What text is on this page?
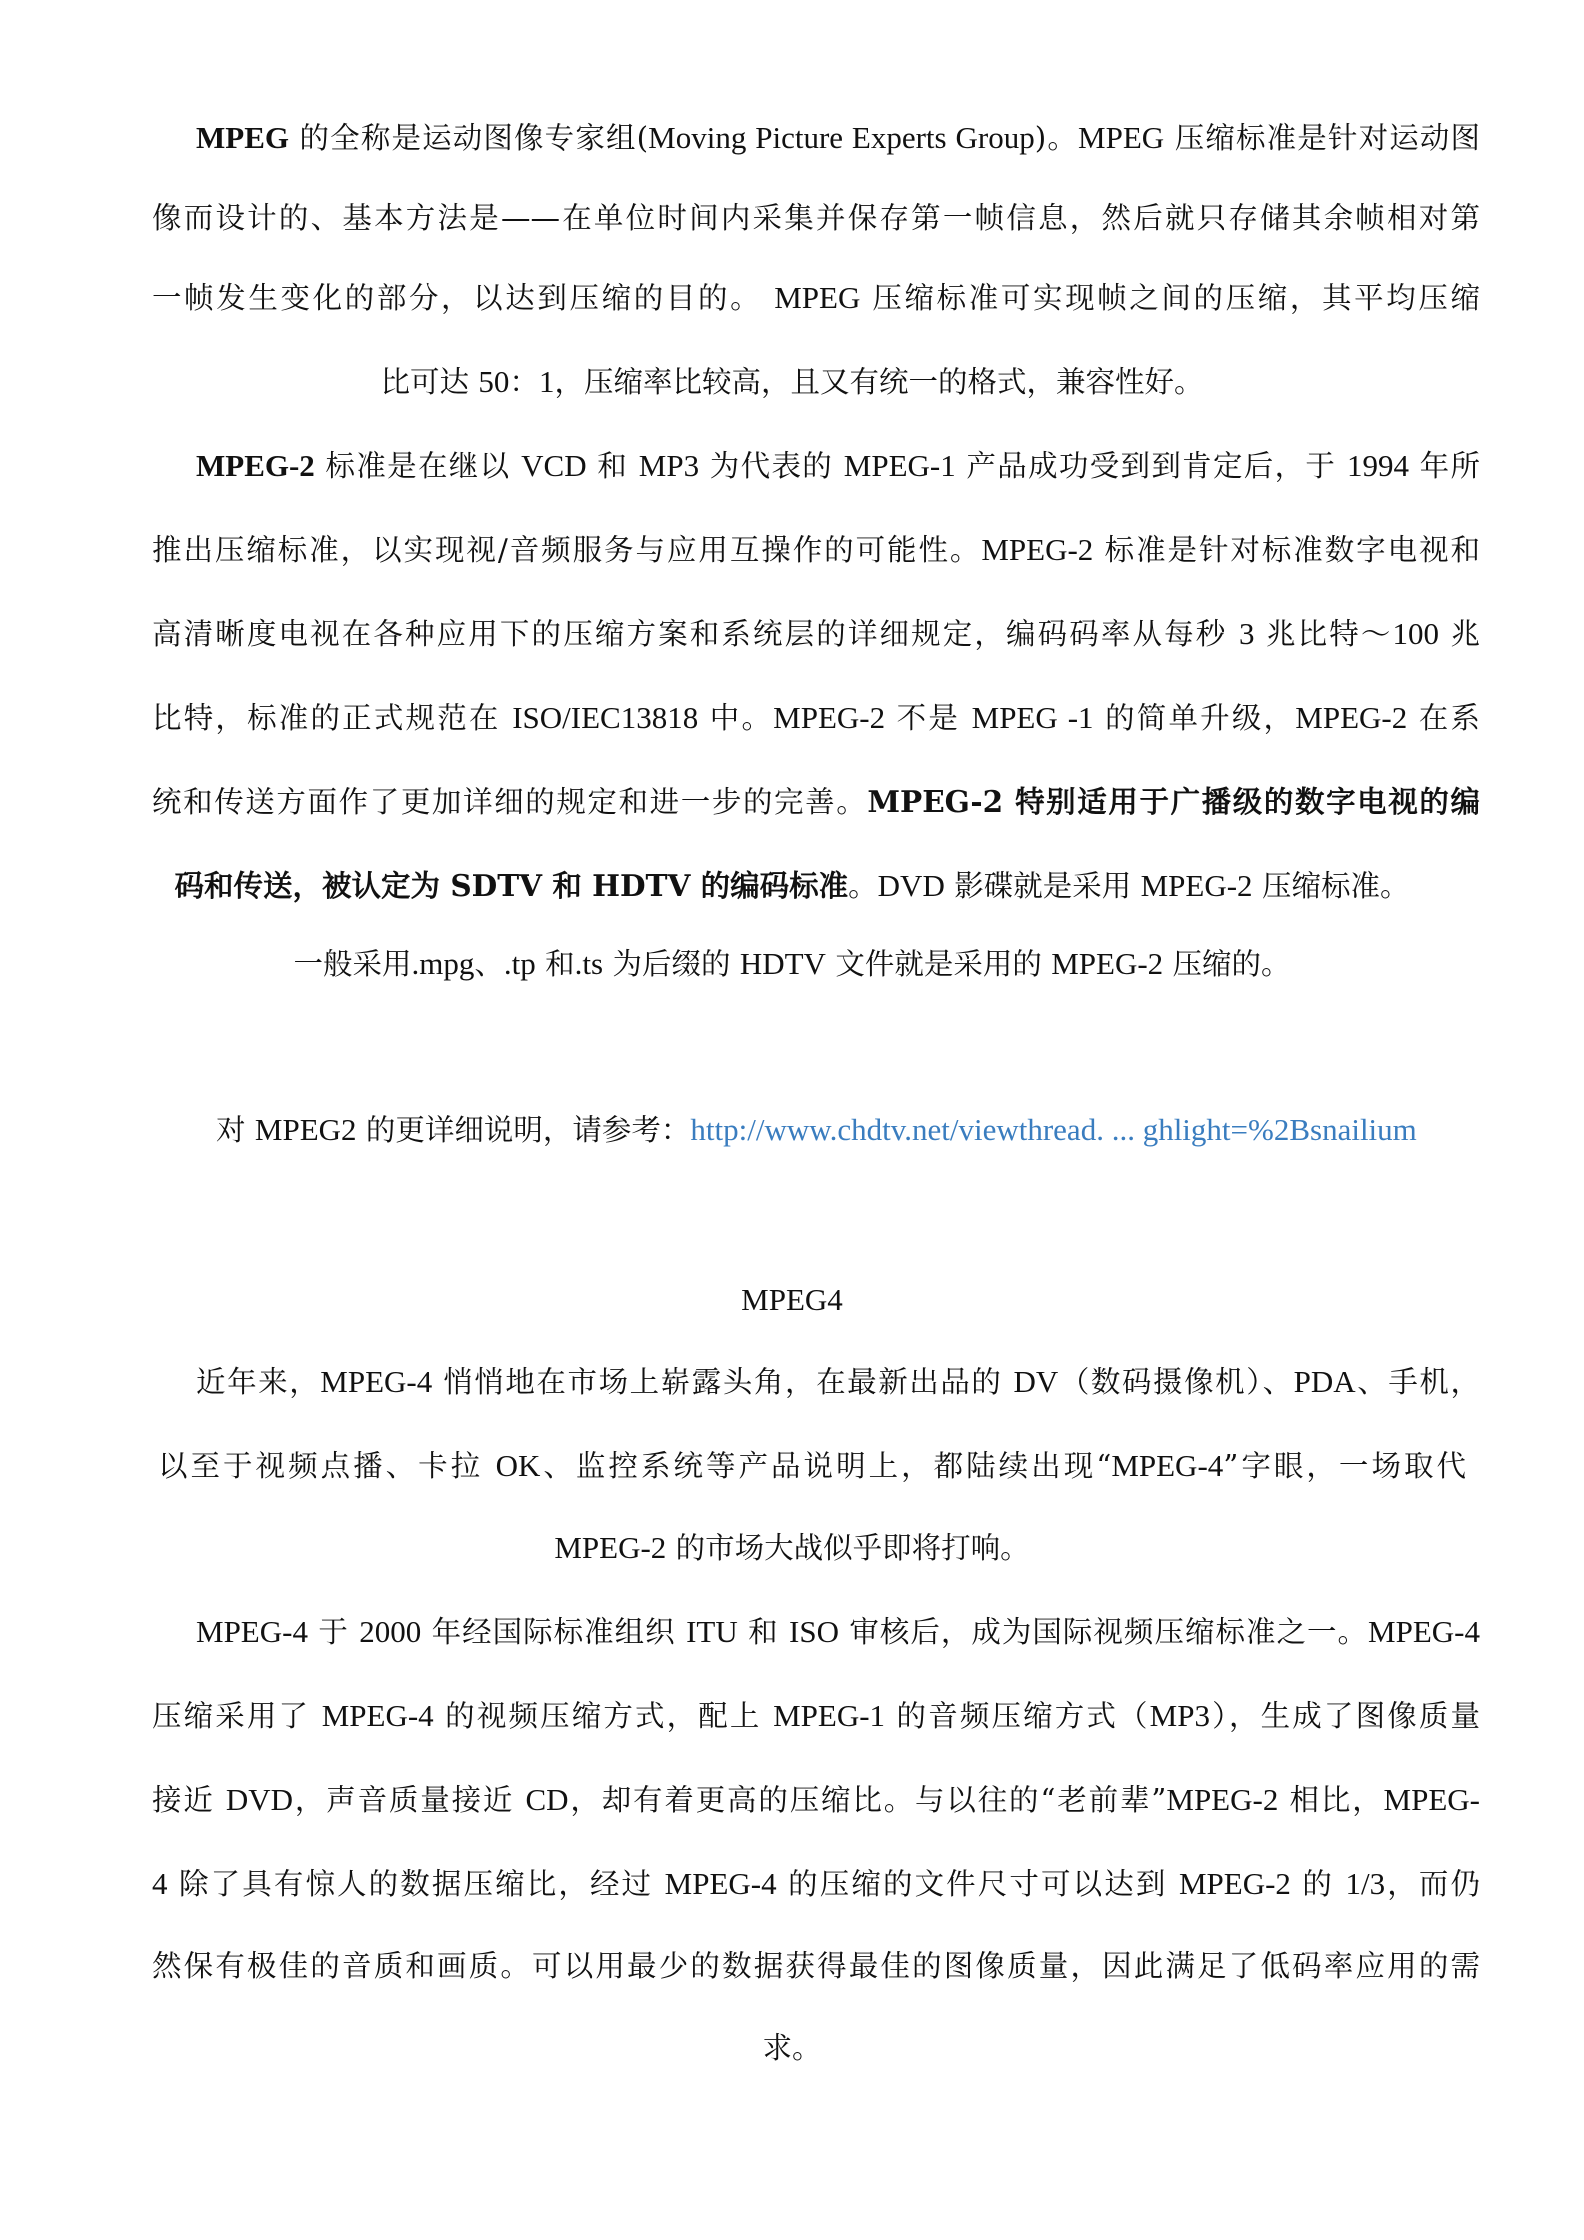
MPEG 的全称是运动图像专家组(Moving Picture Experts Group)。MPEG 压缩标准是针对运动图
像而设计的、基本方法是——在单位时间内采集并保存第一帧信息，然后就只存储其余帧相对第
一帧发生变化的部分，以达到压缩的目的。 MPEG 压缩标准可实现帧之间的压缩，其平均压缩
比可达 50：1，压缩率比较高，且又有统一的格式，兼容性好。
MPEG-2 标准是在继以 VCD 和 MP3 为代表的 MPEG-1 产品成功受到到肯定后，于 1994 年所
推出压缩标准，以实现视/音频服务与应用互操作的可能性。MPEG-2 标准是针对标准数字电视和
高清晰度电视在各种应用下的压缩方案和系统层的详细规定，编码码率从每秒 3 兆比特～100 兆
比特，标准的正式规范在 ISO/IEC13818 中。MPEG-2 不是 MPEG -1 的简单升级，MPEG-2 在系
统和传送方面作了更加详细的规定和进一步的完善。MPEG-2 特别适用于广播级的数字电视的编
码和传送，被认定为 SDTV 和 HDTV 的编码标准。DVD 影碟就是采用 MPEG-2 压缩标准。
一般采用.mpg、.tp 和.ts 为后缀的 HDTV 文件就是采用的 MPEG-2 压缩的。
对 MPEG2 的更详细说明，请参考：http://www.chdtv.net/viewthread. ... ghlight=%2Bsnailium
MPEG4
近年来，MPEG-4 悄悄地在市场上崭露头角，在最新出品的 DV（数码摄像机）、PDA、手机，
以至于视频点播、卡拉 OK、监控系统等产品说明上，都陆续出现“MPEG-4”字眼，一场取代
MPEG-2 的市场大战似乎即将打响。
MPEG-4 于 2000 年经国际标准组织 ITU 和 ISO 审核后，成为国际视频压缩标准之一。MPEG-4
压缩采用了 MPEG-4 的视频压缩方式，配上 MPEG-1 的音频压缩方式（MP3），生成了图像质量
接近 DVD，声音质量接近 CD，却有着更高的压缩比。与以往的“老前辈”MPEG-2 相比，MPEG-
4 除了具有惊人的数据压缩比，经过 MPEG-4 的压缩的文件尺寸可以达到 MPEG-2 的 1/3，而仍
然保有极佳的音质和画质。可以用最少的数据获得最佳的图像质量，因此满足了低码率应用的需
求。
